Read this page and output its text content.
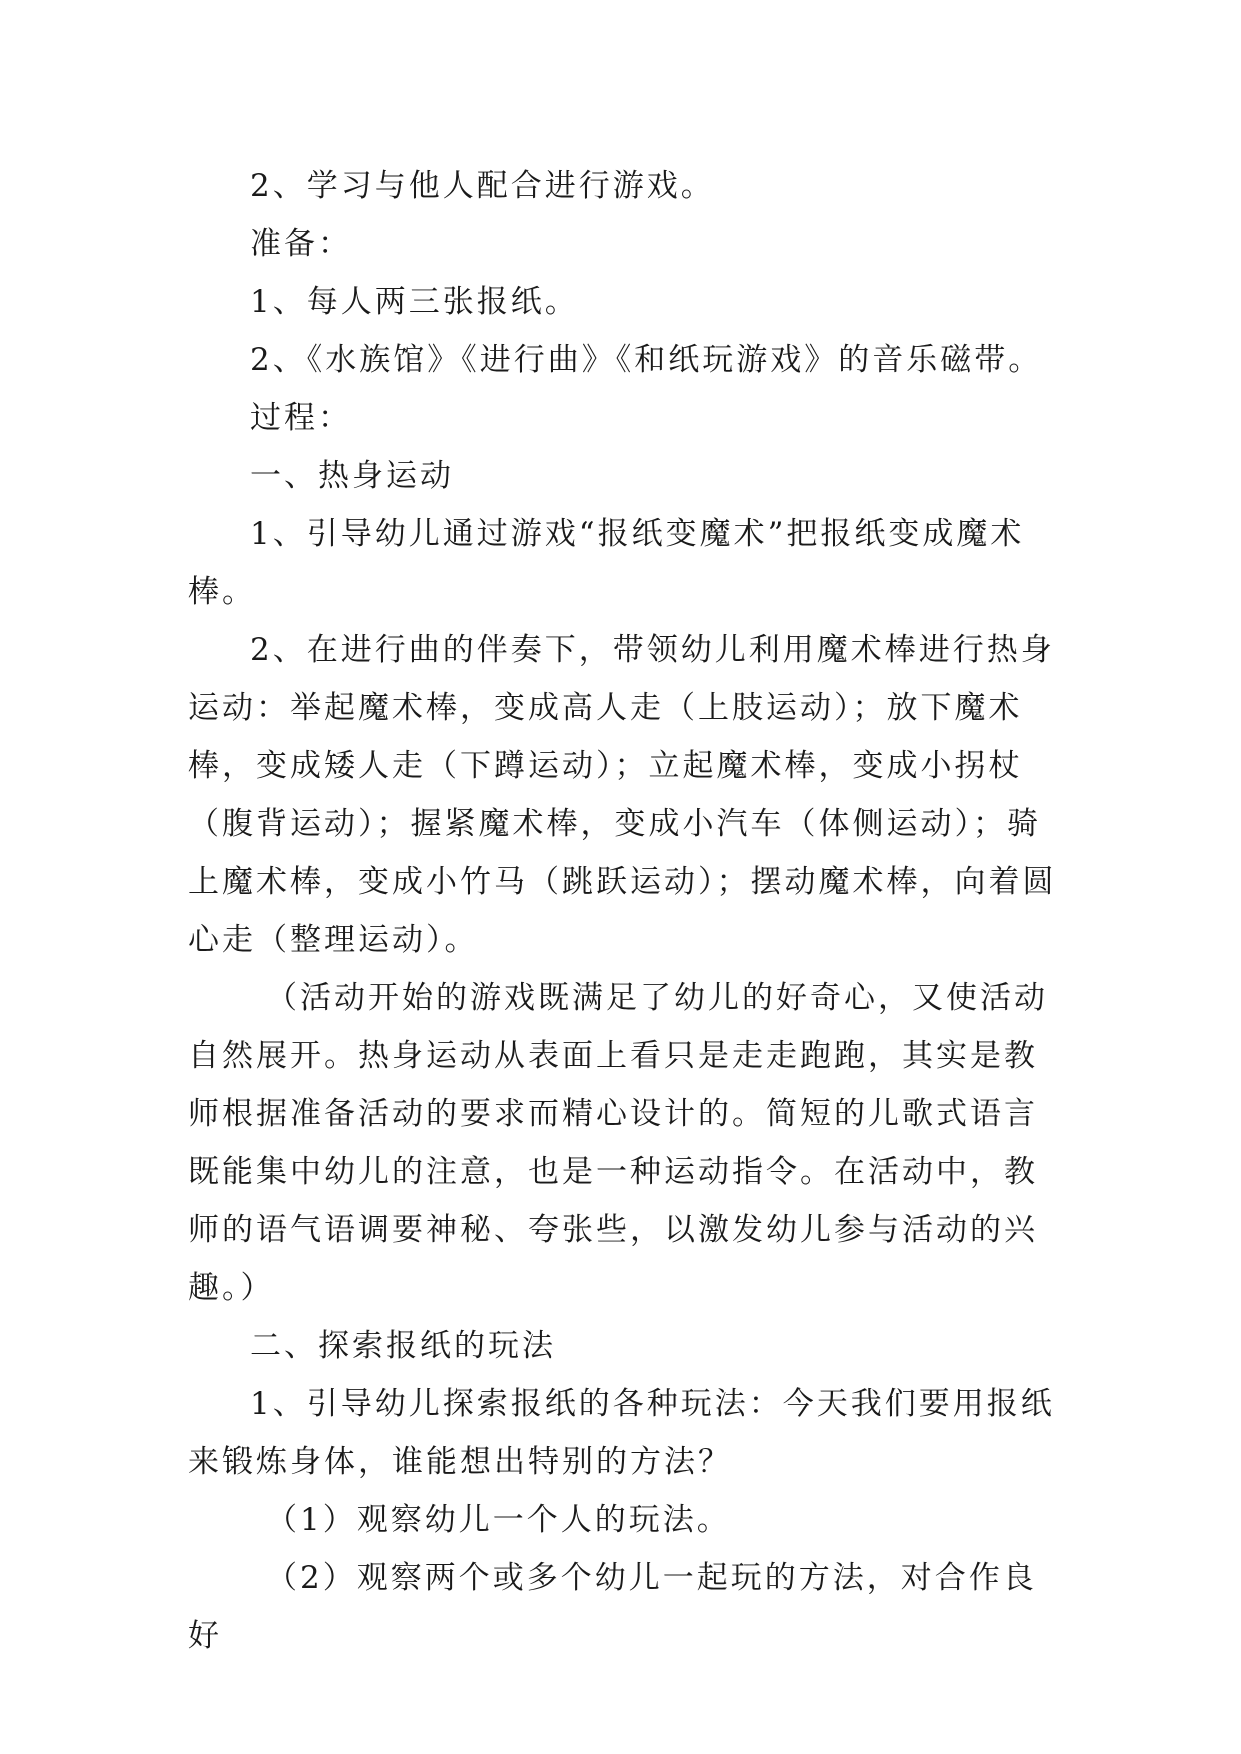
2、学习与他人配合进行游戏。

准备：

1、每人两三张报纸。

2、《水族馆》《进行曲》《和纸玩游戏》的音乐磁带。

过程：

一、热身运动

1、引导幼儿通过游戏“报纸变魔术”把报纸变成魔术棒。

2、在进行曲的伴奏下，带领幼儿利用魔术棒进行热身运动：举起魔术棒，变成高人走（上肢运动）；放下魔术棒，变成矮人走（下蹲运动）；立起魔术棒，变成小拐杖（腹背运动）；握紧魔术棒，变成小汽车（体侧运动）；骑上魔术棒，变成小竹马（跳跃运动）；摆动魔术棒，向着圆心走（整理运动）。

（活动开始的游戏既满足了幼儿的好奇心，又使活动自然展开。热身运动从表面上看只是走走跑跑，其实是教师根据准备活动的要求而精心设计的。简短的儿歌式语言既能集中幼儿的注意，也是一种运动指令。在活动中，教师的语气语调要神秘、夸张些，以激发幼儿参与活动的兴趣。）

二、探索报纸的玩法

1、引导幼儿探索报纸的各种玩法：今天我们要用报纸来锻炼身体，谁能想出特别的方法？

（1）观察幼儿一个人的玩法。

（2）观察两个或多个幼儿一起玩的方法，对合作良好
